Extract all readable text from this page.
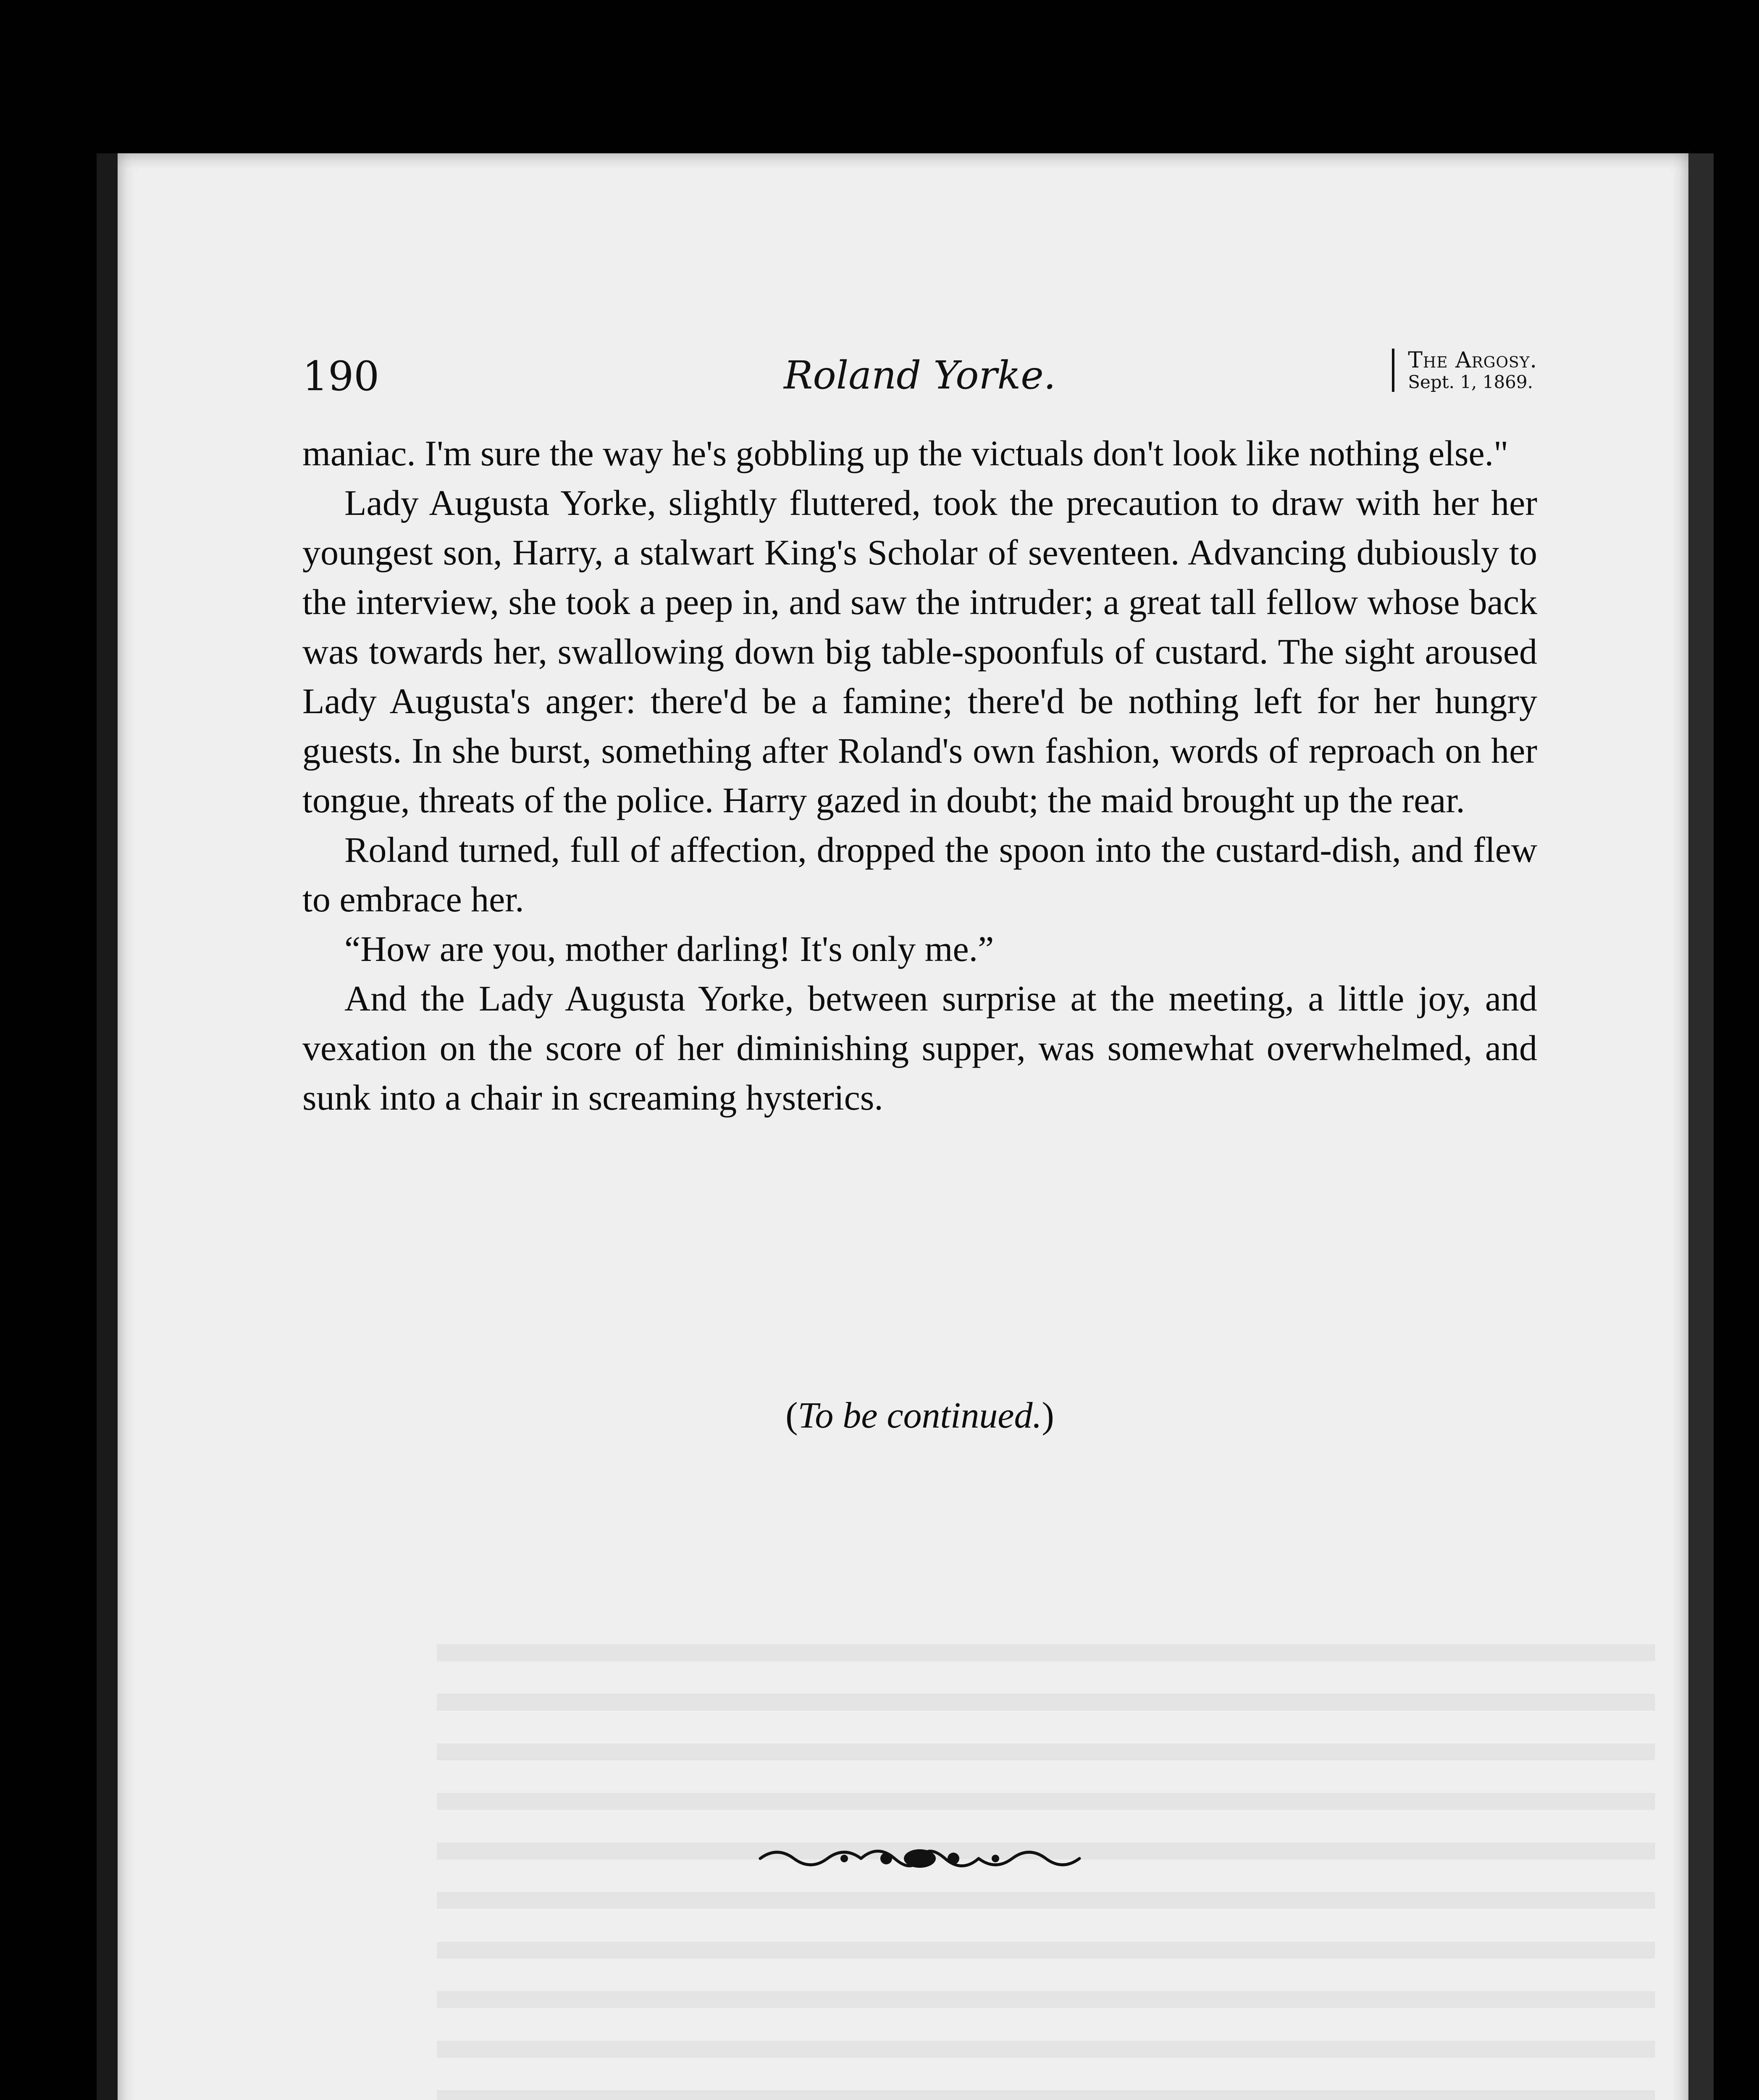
190	Roland Yorke.	The Argosy.
Sept. 1, 1869.

maniac. I'm sure the way he's gobbling up the victuals don't look like nothing else."

Lady Augusta Yorke, slightly fluttered, took the precaution to draw with her her youngest son, Harry, a stalwart King's Scholar of seventeen. Advancing dubiously to the interview, she took a peep in, and saw the intruder; a great tall fellow whose back was towards her, swallowing down big table-spoonfuls of custard. The sight aroused Lady Augusta's anger: there'd be a famine; there'd be nothing left for her hungry guests. In she burst, something after Roland's own fashion, words of reproach on her tongue, threats of the police. Harry gazed in doubt; the maid brought up the rear.

Roland turned, full of affection, dropped the spoon into the custard-dish, and flew to embrace her.

“How are you, mother darling! It's only me.”

And the Lady Augusta Yorke, between surprise at the meeting, a little joy, and vexation on the score of her diminishing supper, was somewhat overwhelmed, and sunk into a chair in screaming hysterics.

(To be continued.)
